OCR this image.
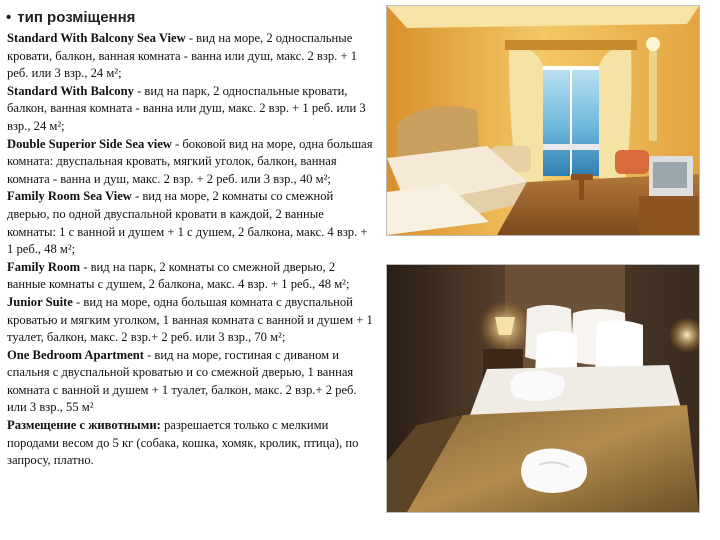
• тип розміщення

Standard With Balcony Sea View - вид на море, 2 односпальные кровати, балкон, ванная комната - ванна или душ, макс. 2 взр. + 1 реб. или 3 взр., 24 м²;

Standard With Balcony - вид на парк, 2 односпальные кровати, балкон, ванная комната - ванна или душ, макс. 2 взр. + 1 реб. или 3 взр., 24 м²;

Double Superior Side Sea view - боковой вид на море, одна большая комната: двуспальная кровать, мягкий уголок, балкон, ванная комната - ванна и душ, макс. 2 взр. + 2 реб. или 3 взр., 40 м²;

Family Room Sea View - вид на море, 2 комнаты со смежной дверью, по одной двуспальной кровати в каждой, 2 ванные комнаты: 1 с ванной и душем + 1 с душем, 2 балкона, макс. 4 взр. + 1 реб., 48 м²;

Family Room - вид на парк, 2 комнаты со смежной дверью, 2 ванные комнаты с душем, 2 балкона, макс. 4 взр. + 1 реб., 48 м²;

Junior Suite - вид на море, одна большая комната с двуспальной кроватью и мягким уголком, 1 ванная комната с ванной и душем + 1 туалет, балкон, макс. 2 взр.+ 2 реб. или 3 взр., 70 м²;

One Bedroom Apartment - вид на море, гостиная с диваном и спальня с двуспальной кроватью и со смежной дверью, 1 ванная комната с ванной и душем + 1 туалет, балкон, макс. 2 взр.+ 2 реб. или 3 взр., 55 м²

Размещение с животными: разрешается только с мелкими породами весом до 5 кг (собака, кошка, хомяк, кролик, птица), по запросу, платно.
